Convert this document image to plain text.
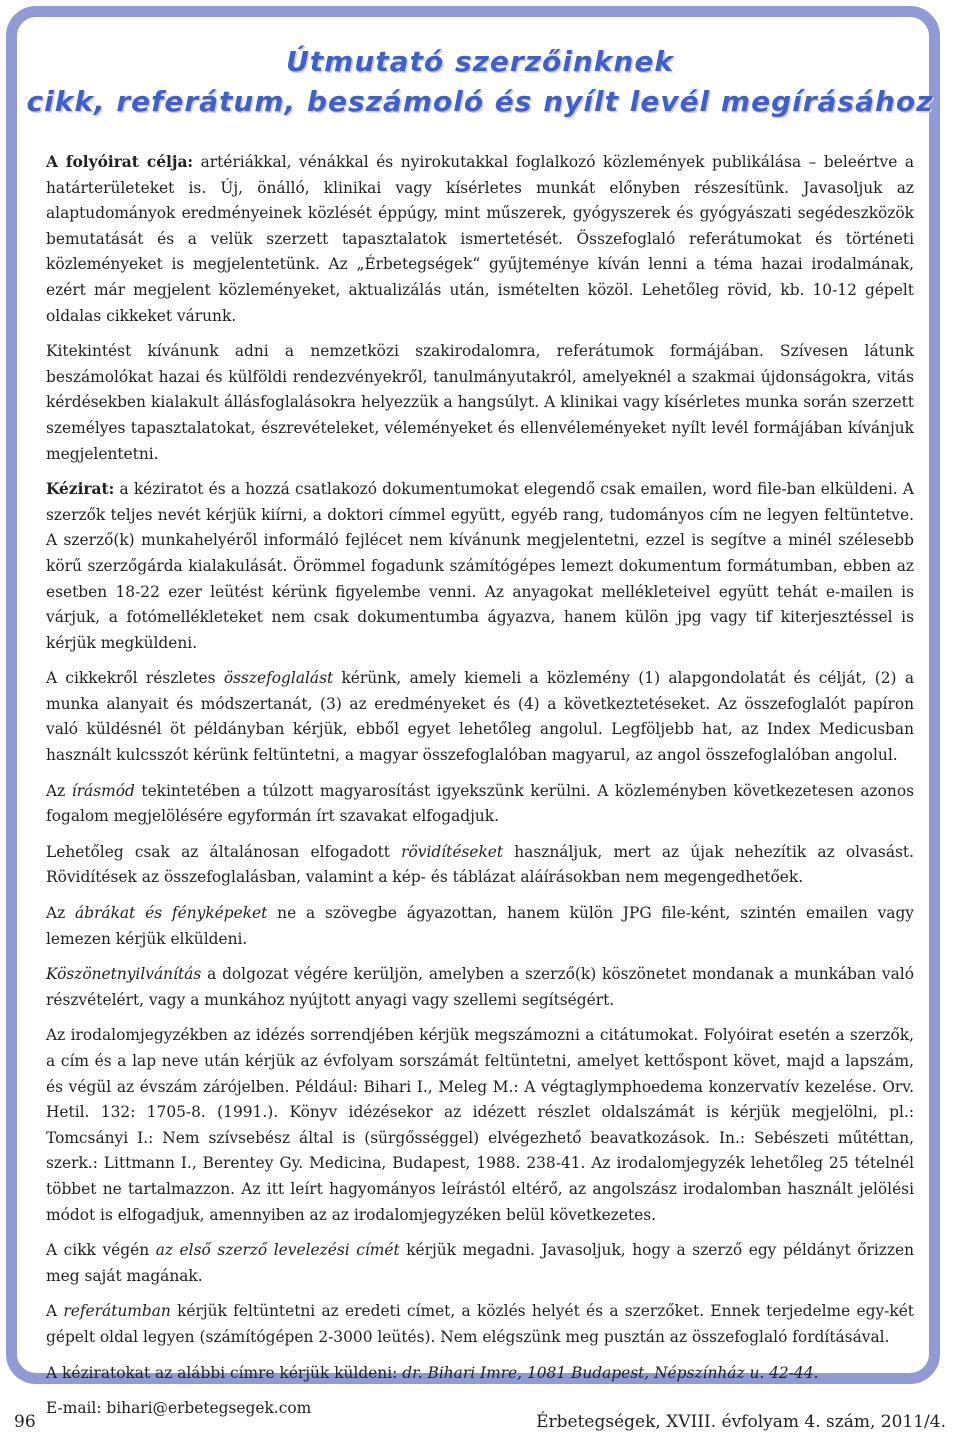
Útmutató szerzőinknek
cikk, referátum, beszámoló és nyílt levél megírásához

A folyóirat célja: artériákkal, vénákkal és nyirokutakkal foglalkozó közlemények publikálása – beleértve a határterületeket is. Új, önálló, klinikai vagy kísérletes munkát előnyben részesítünk. Javasoljuk az alaptudományok eredményeinek közlését éppúgy, mint műszerek, gyógyszerek és gyógyászati segédeszközök bemutatását és a velük szerzett tapasztalatok ismertetését. Összefoglaló referátumokat és történeti közleményeket is megjelentetünk. Az „Érbetegségek“ gyűjteménye kíván lenni a téma hazai irodalmának, ezért már megjelent közleményeket, aktualizálás után, ismételten közöl. Lehetőleg rövid, kb. 10-12 gépelt oldalas cikkeket várunk.

Kitekintést kívánunk adni a nemzetközi szakirodalomra, referátumok formájában. Szívesen látunk beszámolókat hazai és külföldi rendezvényekről, tanulmányutakról, amelyeknél a szakmai újdonságokra, vitás kérdésekben kialakult állásfoglalásokra helyezzük a hangsúlyt. A klinikai vagy kísérletes munka során szerzett személyes tapasztalatokat, észrevételeket, véleményeket és ellenvéleményeket nyílt levél formájában kívánjuk megjelentetni.

Kézirat: a kéziratot és a hozzá csatlakozó dokumentumokat elegendő csak emailen, word file-ban elküldeni. A szerzők teljes nevét kérjük kiírni, a doktori címmel együtt, egyéb rang, tudományos cím ne legyen feltüntetve. A szerző(k) munkahelyéről informáló fejlécet nem kívánunk megjelentetni, ezzel is segítve a minél szélesebb körű szerzőgárda kialakulását. Örömmel fogadunk számítógépes lemezt dokumentum formátumban, ebben az esetben 18-22 ezer leütést kérünk figyelembe venni. Az anyagokat mellékleteivel együtt tehát e-mailen is várjuk, a fotómellékleteket nem csak dokumentumba ágyazva, hanem külön jpg vagy tif kiterjesztéssel is kérjük megküldeni.

A cikkekről részletes összefoglalást kérünk, amely kiemeli a közlemény (1) alapgondolatát és célját, (2) a munka alanyait és módszertanát, (3) az eredményeket és (4) a következtetéseket. Az összefoglalót papíron való küldésnél öt példányban kérjük, ebből egyet lehetőleg angolul. Legföljebb hat, az Index Medicusban használt kulcsszót kérünk feltüntetni, a magyar összefoglalóban magyarul, az angol összefoglalóban angolul.

Az írásmód tekintetében a túlzott magyarosítást igyekszünk kerülni. A közleményben következetesen azonos fogalom megjelölésére egyformán írt szavakat elfogadjuk.

Lehetőleg csak az általánosan elfogadott rövidítéseket használjuk, mert az újak nehezítik az olvasást. Rövidítések az összefoglalásban, valamint a kép- és táblázat aláírásokban nem megengedhetőek.

Az ábrákat és fényképeket ne a szövegbe ágyazottan, hanem külön JPG file-ként, szintén emailen vagy lemezen kérjük elküldeni.

Köszönetnyilvánítás a dolgozat végére kerüljön, amelyben a szerző(k) köszönetet mondanak a munkában való részvételért, vagy a munkához nyújtott anyagi vagy szellemi segítségért.

Az irodalomjegyzékben az idézés sorrendjében kérjük megszámozni a citátumokat. Folyóirat esetén a szerzők, a cím és a lap neve után kérjük az évfolyam sorszámát feltüntetni, amelyet kettőspont követ, majd a lapszám, és végül az évszám zárójelben. Például: Bihari I., Meleg M.: A végtaglymphoedema konzervatív kezelése. Orv. Hetil. 132: 1705-8. (1991.). Könyv idézésekor az idézett részlet oldalszámát is kérjük megjelölni, pl.: Tomcsányi I.: Nem szívsebész által is (sürgősséggel) elvégezhető beavatkozások. In.: Sebészeti műtéttan, szerk.: Littmann I., Berentey Gy. Medicina, Budapest, 1988. 238-41. Az irodalomjegyzék lehetőleg 25 tételnél többet ne tartalmazzon. Az itt leírt hagyományos leírástól eltérő, az angolszász irodalomban használt jelölési módot is elfogadjuk, amennyiben az az irodalomjegyzéken belül következetes.

A cikk végén az első szerző levelezési címét kérjük megadni. Javasoljuk, hogy a szerző egy példányt őrizzen meg saját magának.

A referátumban kérjük feltüntetni az eredeti címet, a közlés helyét és a szerzőket. Ennek terjedelme egy-két gépelt oldal legyen (számítógépen 2-3000 leütés). Nem elégszünk meg pusztán az összefoglaló fordításával.

A kéziratokat az alábbi címre kérjük küldeni: dr. Bihari Imre, 1081 Budapest, Népszínház u. 42-44.

E-mail: bihari@erbetegsegek.com

96	Érbetegségek, XVIII. évfolyam 4. szám, 2011/4.
